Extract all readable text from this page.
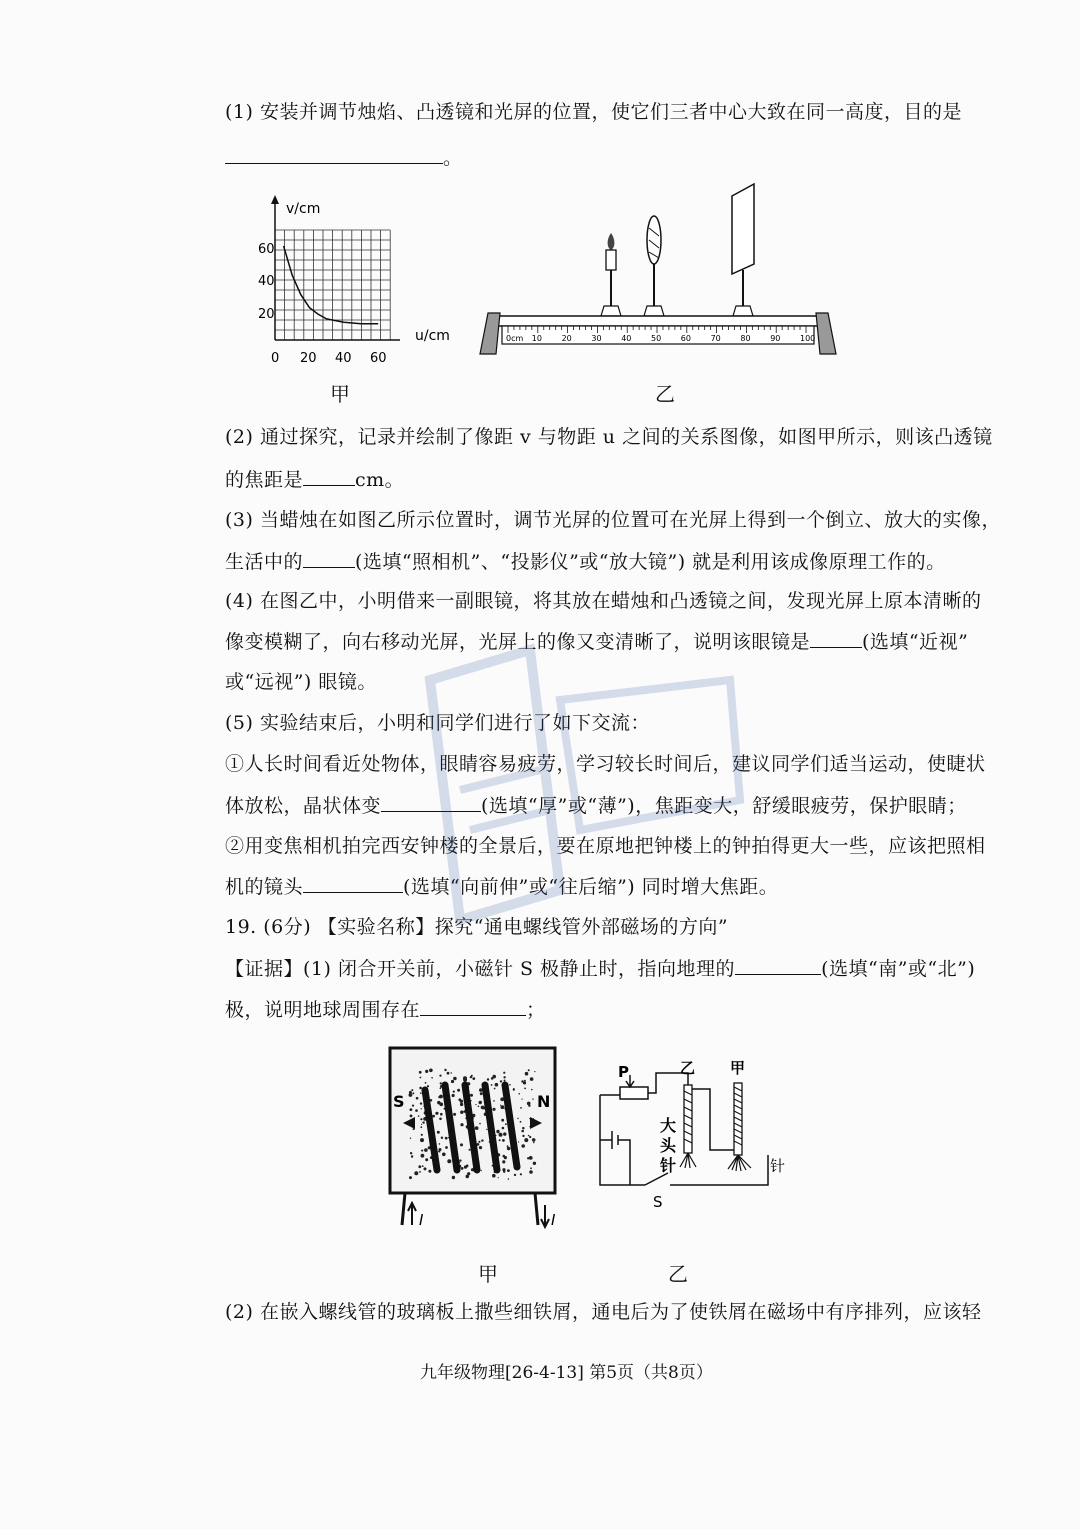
(1) 安装并调节烛焰、凸透镜和光屏的位置，使它们三者中心大致在同一高度，目的是
。
v/cm
u/cm
60
40
20
0 20 40 60
甲
0cm 10 20 30 40 50 60 70 80 90 100
乙
(2) 通过探究，记录并绘制了像距 v 与物距 u 之间的关系图像，如图甲所示，则该凸透镜
的焦距是	cm。
(3) 当蜡烛在如图乙所示位置时，调节光屏的位置可在光屏上得到一个倒立、放大的实像，
生活中的	(选填“照相机”、“投影仪”或“放大镜”) 就是利用该成像原理工作的。
(4) 在图乙中，小明借来一副眼镜，将其放在蜡烛和凸透镜之间，发现光屏上原本清晰的
像变模糊了，向右移动光屏，光屏上的像又变清晰了，说明该眼镜是	(选填“近视”
或“远视”) 眼镜。
(5) 实验结束后，小明和同学们进行了如下交流：
①人长时间看近处物体，眼睛容易疲劳，学习较长时间后，建议同学们适当运动，使睫状
体放松，晶状体变	(选填“厚”或“薄”)，焦距变大，舒缓眼疲劳，保护眼睛；
②用变焦相机拍完西安钟楼的全景后，要在原地把钟楼上的钟拍得更大一些，应该把照相
机的镜头	(选填“向前伸”或“往后缩”) 同时增大焦距。
19. (6分) 【实验名称】探究“通电螺线管外部磁场的方向”
【证据】(1) 闭合开关前，小磁针 S 极静止时，指向地理的	(选填“南”或“北”)
极，说明地球周围存在	；
S	N
I	I
甲
S
P	乙 甲
大 头 针	针
乙
(2) 在嵌入螺线管的玻璃板上撒些细铁屑，通电后为了使铁屑在磁场中有序排列，应该轻
九年级物理[26-4-13] 第5页（共8页）
